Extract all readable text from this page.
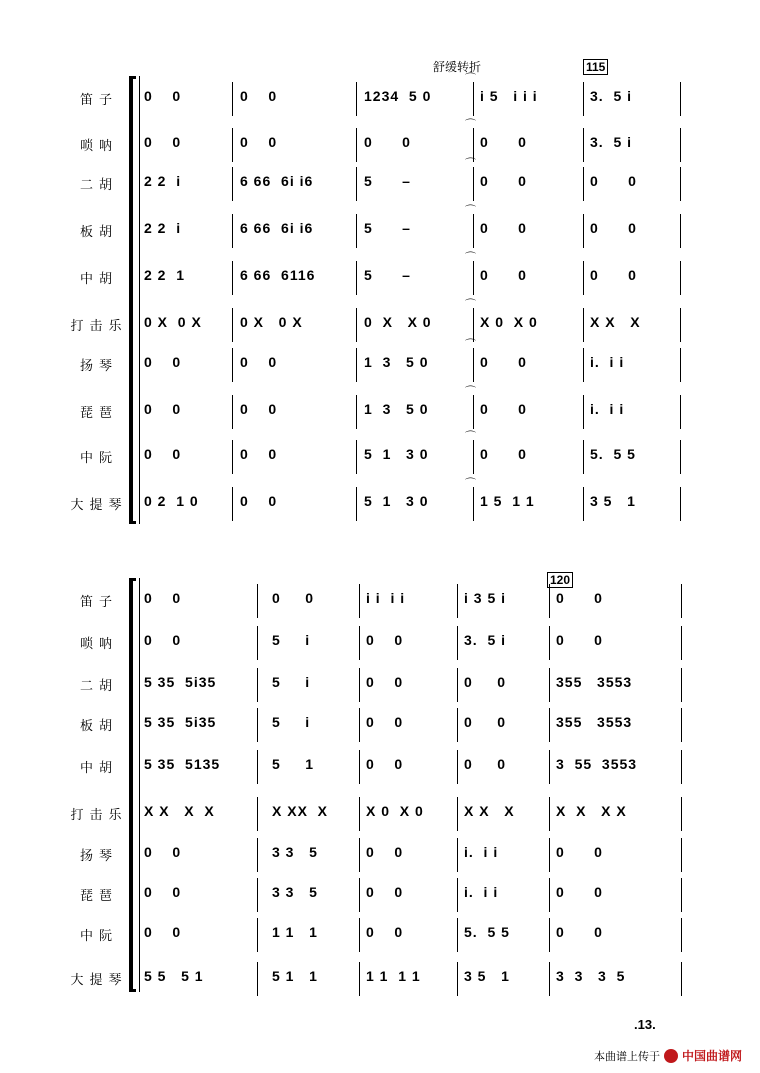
舒缓转折	115
120
笛子	0    0	0    0	1234  5 0	i 5   i i i	3.  5 i
⌒
唢呐	0    0	0    0	0      0	0      0	3.  5 i
⌒
二胡	2 2  i	6 66  6i i6	5      –	0      0	0      0
⌒
板胡	2 2  i	6 66  6i i6	5      –	0      0	0      0
⌒
中胡	2 2  1	6 66  6116	5      –	0      0	0      0
⌒
打击乐 0 X  0 X	0 X   0 X	0  X   X 0	X 0  X 0	X X   X
⌒
扬琴	0    0	0    0	1  3   5 0	0      0	i.  i i
⌒
琵琶	0    0	0    0	1  3   5 0	0      0	i.  i i
⌒
中阮	0    0	0    0	5  1   3 0	0      0	5.  5 5
⌒
大提琴 0 2  1 0	0    0	5  1   3 0	1 5  1 1	3 5   1
⌒
笛子	0    0	0     0	i i  i i	i 3 5 i	0      0
唢呐	0    0	5     i	0    0	3.  5 i	0      0
二胡	5 35  5i35	5     i	0    0	0     0	355   3553
板胡	5 35  5i35	5     i	0    0	0     0	355   3553
中胡	5 35  5135	5     1	0    0	0     0	3  55  3553
打击乐 X X   X  X	X XX  X	X 0  X 0	X X   X	X  X   X X
扬琴	0    0	3 3   5	0    0	i.  i i	0      0
琵琶	0    0	3 3   5	0    0	i.  i i	0      0
中阮	0    0	1 1   1	0    0	5.  5 5	0      0
大提琴 5 5   5 1	5 1   1	1 1  1 1	3 5   1	3  3   3  5
.13.
本曲谱上传于 中国曲谱网
